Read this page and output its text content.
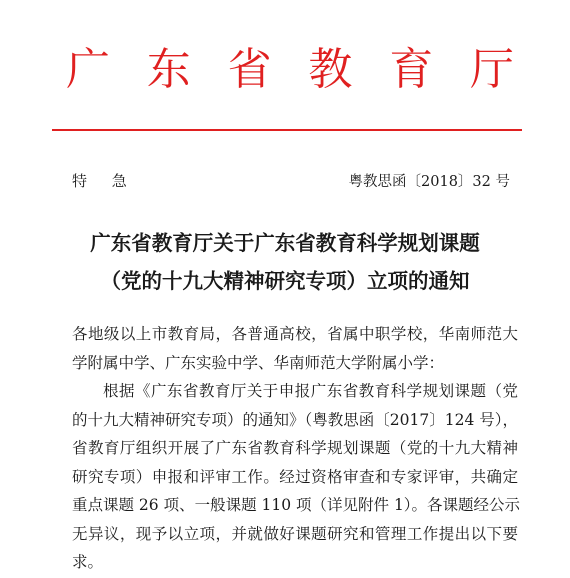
广 东 省 教 育 厅
特 急	粤教思函〔2018〕32 号
广东省教育厅关于广东省教育科学规划课题
（党的十九大精神研究专项）立项的通知

各地级以上市教育局，各普通高校，省属中职学校，华南师范大
学附属中学、广东实验中学、华南师范大学附属小学：

根据《广东省教育厅关于申报广东省教育科学规划课题（党
的十九大精神研究专项）的通知》（粤教思函〔2017〕124 号），
省教育厅组织开展了广东省教育科学规划课题（党的十九大精神
研究专项）申报和评审工作。经过资格审查和专家评审，共确定
重点课题 26 项、一般课题 110 项（详见附件 1）。各课题经公示
无异议，现予以立项，并就做好课题研究和管理工作提出以下要
求。
